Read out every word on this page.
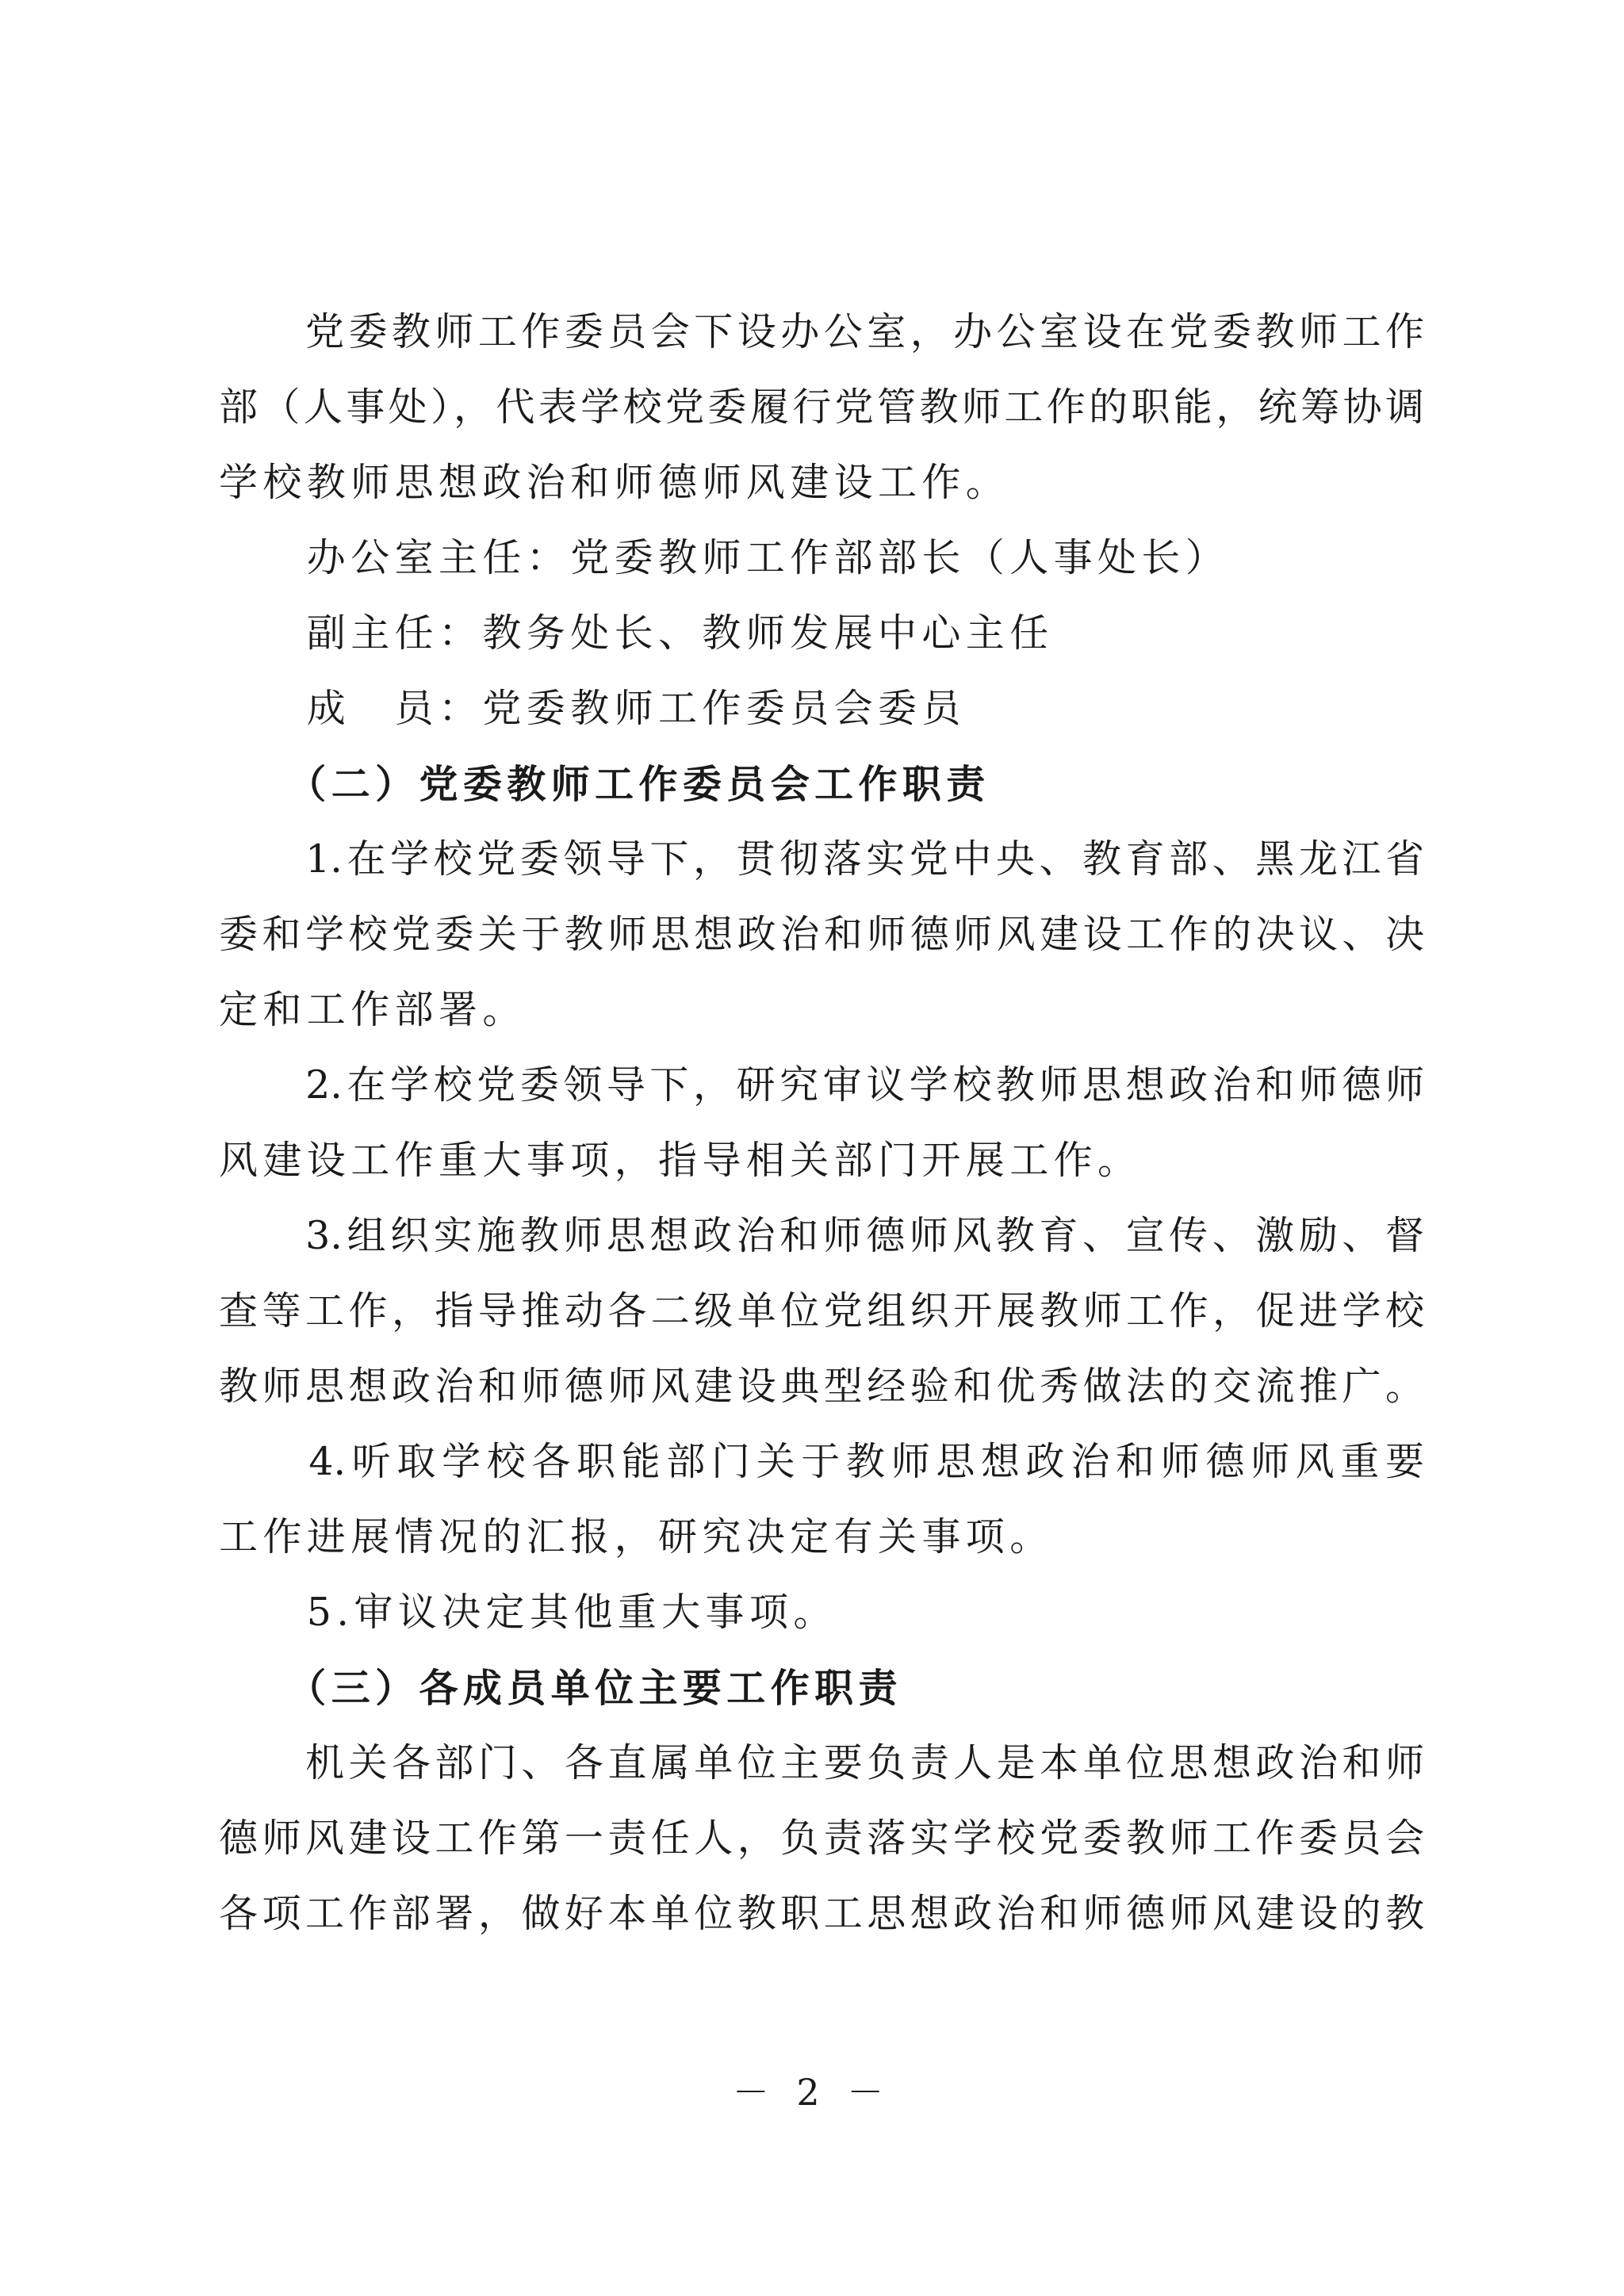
　　党委教师工作委员会下设办公室，办公室设在党委教师工作
部（人事处），代表学校党委履行党管教师工作的职能，统筹协调
学校教师思想政治和师德师风建设工作。
　　办公室主任：党委教师工作部部长（人事处长）
　　副主任：教务处长、教师发展中心主任
　　成　员：党委教师工作委员会委员
　　（二）党委教师工作委员会工作职责
　　1.在学校党委领导下，贯彻落实党中央、教育部、黑龙江省
委和学校党委关于教师思想政治和师德师风建设工作的决议、决
定和工作部署。
　　2.在学校党委领导下，研究审议学校教师思想政治和师德师
风建设工作重大事项，指导相关部门开展工作。
　　3.组织实施教师思想政治和师德师风教育、宣传、激励、督
查等工作，指导推动各二级单位党组织开展教师工作，促进学校
教师思想政治和师德师风建设典型经验和优秀做法的交流推广。
　　4.听取学校各职能部门关于教师思想政治和师德师风重要
工作进展情况的汇报，研究决定有关事项。
　　5.审议决定其他重大事项。
　　（三）各成员单位主要工作职责
　　机关各部门、各直属单位主要负责人是本单位思想政治和师
德师风建设工作第一责任人，负责落实学校党委教师工作委员会
各项工作部署，做好本单位教职工思想政治和师德师风建设的教
－ 2 －
